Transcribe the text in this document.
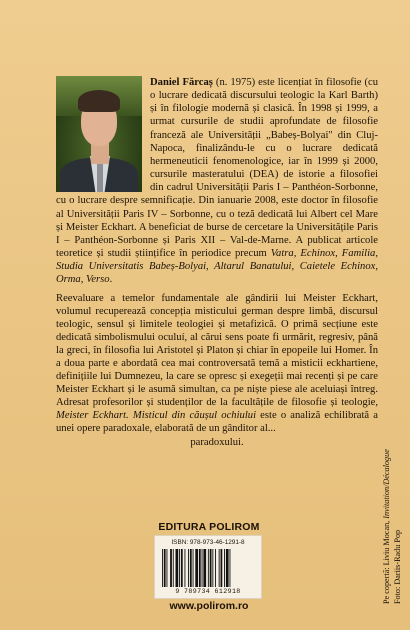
Daniel Fărcaș (n. 1975) este licențiat în filosofie (cu o lucrare dedicată discursului teologic la Karl Barth) și în filologie modernă și clasică. În 1998 și 1999, a urmat cursurile de studii aprofundate de filosofie franceză ale Universității „Babeș-Bolyai" din Cluj-Napoca, finalizându-le cu o lucrare dedicată hermeneuticii fenomenologice, iar în 1999 și 2000, cursurile masteratului (DEA) de istorie a filosofiei din cadrul Universității Paris I – Panthéon-Sorbonne, cu o lucrare despre semnificație. Din ianuarie 2008, este doctor în filosofie al Universității Paris IV – Sorbonne, cu o teză dedicată lui Albert cel Mare și Meister Eckhart. A beneficiat de burse de cercetare la Universitățile Paris I – Panthéon-Sorbonne și Paris XII – Val-de-Marne. A publicat articole teoretice și studii științifice în periodice precum Vatra, Echinox, Familia, Studia Universitatis Babeș-Bolyai, Altarul Banatului, Caietele Echinox, Orma, Verso.

Reevaluare a temelor fundamentale ale gândirii lui Meister Eckhart, volumul recuperează concepția misticului german despre limbă, discursul teologic, sensul și limitele teologiei și metafizică. O primă secțiune este dedicată simbolismului oculuí, al cărui sens poate fi urmărit, regresiv, până la greci, în filosofia lui Aristotel și Platon și chiar în epopeile lui Homer. În a doua parte e abordată cea mai controversată temă a misticii eckhartiene, definițiile lui Dumnezeu, la care se opresc și exegeții mai recenți și pe care Meister Eckhart și le asumă simultan, ca pe niște piese ale aceluiași întreg. Adresat profesorilor și studenților de la facultățile de filosofie și teologie, Meister Eckhart. Misticul din căușul ochiului este o analiză echilibrată a unei opere paradoxale, elaborată de un gânditor al...

paradoxului.

Pe copertă: Liviu Mocan, Invitation/Décalogue
Foto: Dariis-Radu Pop
EDITURA POLIROM
ISBN: 978-973-46-1291-8
9 789734 612918
www.polirom.ro
